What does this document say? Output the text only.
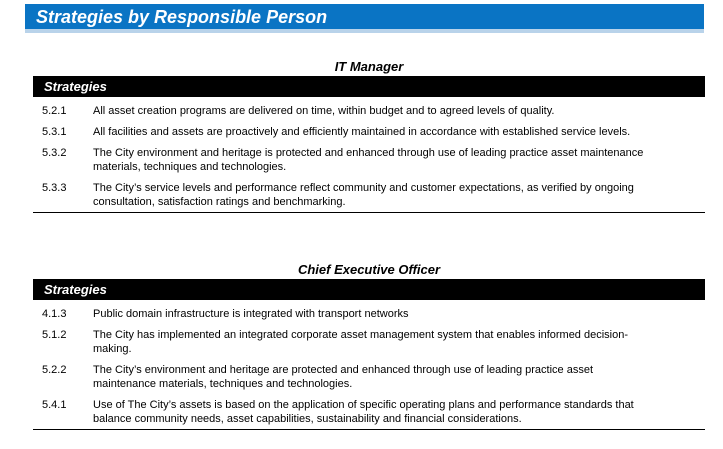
Strategies by Responsible Person
IT Manager
Strategies
5.2.1	All asset creation programs are delivered on time, within budget and to agreed levels of quality.
5.3.1	All facilities and assets are proactively and efficiently maintained in accordance with established service levels.
5.3.2	The City environment and heritage is protected and enhanced through use of leading practice asset maintenance materials, techniques and technologies.
5.3.3	The City’s service levels and performance reflect community and customer expectations, as verified by ongoing consultation, satisfaction ratings and benchmarking.
Chief Executive Officer
Strategies
4.1.3	Public domain infrastructure is integrated with transport networks
5.1.2	The City has implemented an integrated corporate asset management system that enables informed decision-making.
5.2.2	The City’s environment and heritage are protected and enhanced through use of leading practice asset maintenance materials, techniques and technologies.
5.4.1	Use of The City’s assets is based on the application of specific operating plans and performance standards that balance community needs, asset capabilities, sustainability and financial considerations.
